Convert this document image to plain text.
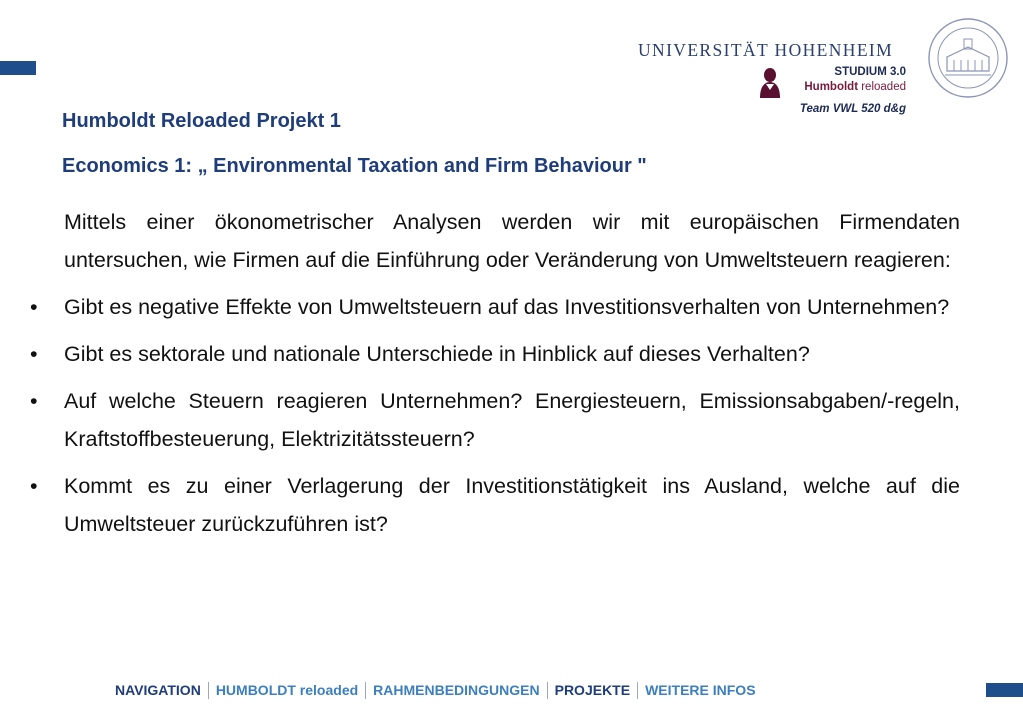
UNIVERSITÄT HOHENHEIM
STUDIUM 3.0
Humboldt reloaded
Team VWL 520 d&g
Humboldt Reloaded Projekt 1
Economics 1: „ Environmental Taxation and Firm Behaviour "

Mittels einer ökonometrischer Analysen werden wir mit europäischen Firmendaten untersuchen, wie Firmen auf die Einführung oder Veränderung von Umweltsteuern reagieren:

• Gibt es negative Effekte von Umweltsteuern auf das Investitionsverhalten von Unternehmen?

• Gibt es sektorale und nationale Unterschiede in Hinblick auf dieses Verhalten?

• Auf welche Steuern reagieren Unternehmen? Energiesteuern, Emissionsabgaben/-regeln, Kraftstoffbesteuerung, Elektrizitätssteuern?

• Kommt es zu einer Verlagerung der Investitionstätigkeit ins Ausland, welche auf die Umweltsteuer zurückzuführen ist?

NAVIGATION	HUMBOLDT reloaded	RAHMENBEDINGUNGEN	PROJEKTE	WEITERE INFOS
